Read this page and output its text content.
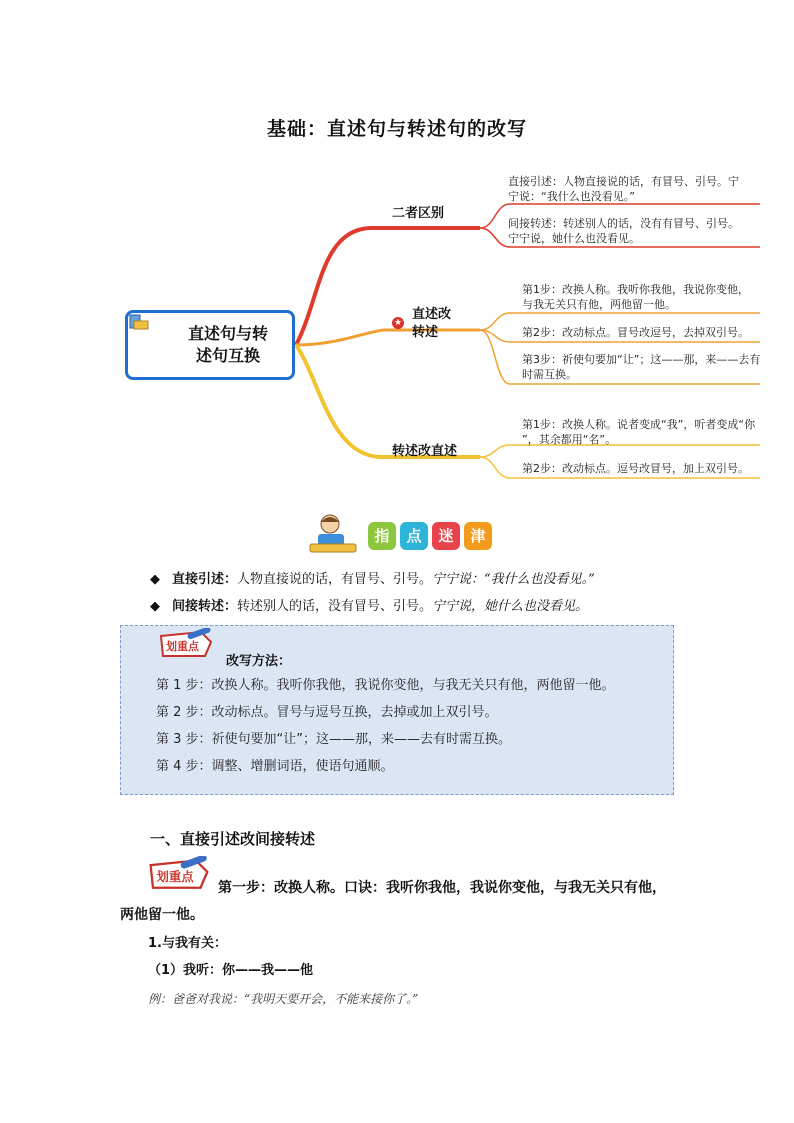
基础：直述句与转述句的改写
直述句与转
述句互换
二者区别
直接引述：人物直接说的话，有冒号、引号。宁
宁说：“我什么也没看见。”
间接转述：转述别人的话，没有有冒号、引号。
宁宁说，她什么也没看见。
★
直述改
转述
第1步：改换人称。我听你我他，我说你变他，
与我无关只有他，两他留一他。
第2步：改动标点。冒号改逗号，去掉双引号。
第3步：祈使句要加“让”；这——那，来——去有
时需互换。
转述改直述
第1步：改换人称。说者变成“我”，听者变成“你
”，其余都用“名”。
第2步：改动标点。逗号改冒号，加上双引号。
指	点	迷	津
◆ 直接引述：人物直接说的话，有冒号、引号。宁宁说：“我什么也没看见。”
◆ 间接转述：转述别人的话，没有冒号、引号。宁宁说，她什么也没看见。
划重点
改写方法：
第 1 步：改换人称。我听你我他，我说你变他，与我无关只有他，两他留一他。
第 2 步：改动标点。冒号与逗号互换，去掉或加上双引号。
第 3 步：祈使句要加“让”；这——那，来——去有时需互换。
第 4 步：调整、增删词语，使语句通顺。
一、直接引述改间接转述
划重点
第一步：改换人称。口诀：我听你我他，我说你变他，与我无关只有他，
两他留一他。
1.与我有关：
（1）我听：你——我——他
例：爸爸对我说：“我明天要开会，不能来接你了。”
